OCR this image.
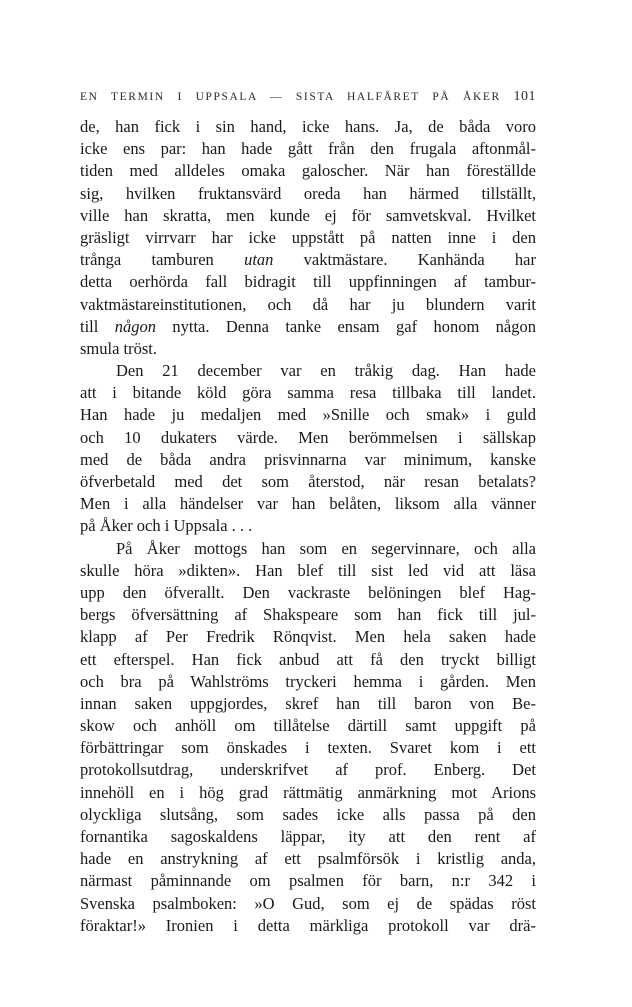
EN TERMIN I UPPSALA — SISTA HALFÅRET PÅ ÅKER 101
de, han fick i sin hand, icke hans. Ja, de båda voro
icke ens par: han hade gått från den frugala aftonmål-
tiden med alldeles omaka galoscher. När han föreställde
sig, hvilken fruktansvärd oreda han härmed tillställt,
ville han skratta, men kunde ej för samvetskval. Hvilket
gräsligt virrvarr har icke uppstått på natten inne i den
trånga tamburen utan vaktmästare. Kanhända har
detta oerhörda fall bidragit till uppfinningen af tambur-
vaktmästareinstitutionen, och då har ju blundern varit
till någon nytta. Denna tanke ensam gaf honom någon
smula tröst.
Den 21 december var en tråkig dag. Han hade
att i bitande köld göra samma resa tillbaka till landet.
Han hade ju medaljen med »Snille och smak» i guld
och 10 dukaters värde. Men berömmelsen i sällskap
med de båda andra prisvinnarna var minimum, kanske
öfverbetald med det som återstod, när resan betalats?
Men i alla händelser var han belåten, liksom alla vänner
på Åker och i Uppsala . . .
På Åker mottogs han som en segervinnare, och alla
skulle höra »dikten». Han blef till sist led vid att läsa
upp den öfverallt. Den vackraste belöningen blef Hag-
bergs öfversättning af Shakspeare som han fick till jul-
klapp af Per Fredrik Rönqvist. Men hela saken hade
ett efterspel. Han fick anbud att få den tryckt billigt
och bra på Wahlströms tryckeri hemma i gården. Men
innan saken uppgjordes, skref han till baron von Be-
skow och anhöll om tillåtelse därtill samt uppgift på
förbättringar som önskades i texten. Svaret kom i ett
protokollsutdrag, underskrifvet af prof. Enberg. Det
innehöll en i hög grad rättmätig anmärkning mot Arions
olyckliga slutsång, som sades icke alls passa på den
fornantika sagoskaldens läppar, ity att den rent af
hade en anstrykning af ett psalmförsök i kristlig anda,
närmast påminnande om psalmen för barn, n:r 342 i
Svenska psalmboken: »O Gud, som ej de spädas röst
föraktar!» Ironien i detta märkliga protokoll var drä-
